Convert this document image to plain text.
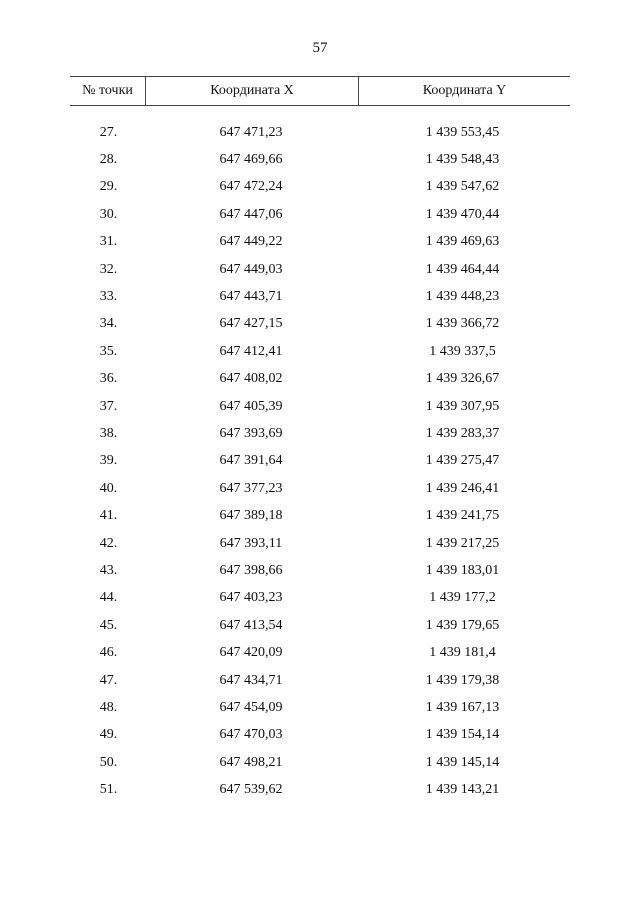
57
№ точки	Координата X	Координата Y
27.	647 471,23	1 439 553,45
28.	647 469,66	1 439 548,43
29.	647 472,24	1 439 547,62
30.	647 447,06	1 439 470,44
31.	647 449,22	1 439 469,63
32.	647 449,03	1 439 464,44
33.	647 443,71	1 439 448,23
34.	647 427,15	1 439 366,72
35.	647 412,41	1 439 337,5
36.	647 408,02	1 439 326,67
37.	647 405,39	1 439 307,95
38.	647 393,69	1 439 283,37
39.	647 391,64	1 439 275,47
40.	647 377,23	1 439 246,41
41.	647 389,18	1 439 241,75
42.	647 393,11	1 439 217,25
43.	647 398,66	1 439 183,01
44.	647 403,23	1 439 177,2
45.	647 413,54	1 439 179,65
46.	647 420,09	1 439 181,4
47.	647 434,71	1 439 179,38
48.	647 454,09	1 439 167,13
49.	647 470,03	1 439 154,14
50.	647 498,21	1 439 145,14
51.	647 539,62	1 439 143,21
